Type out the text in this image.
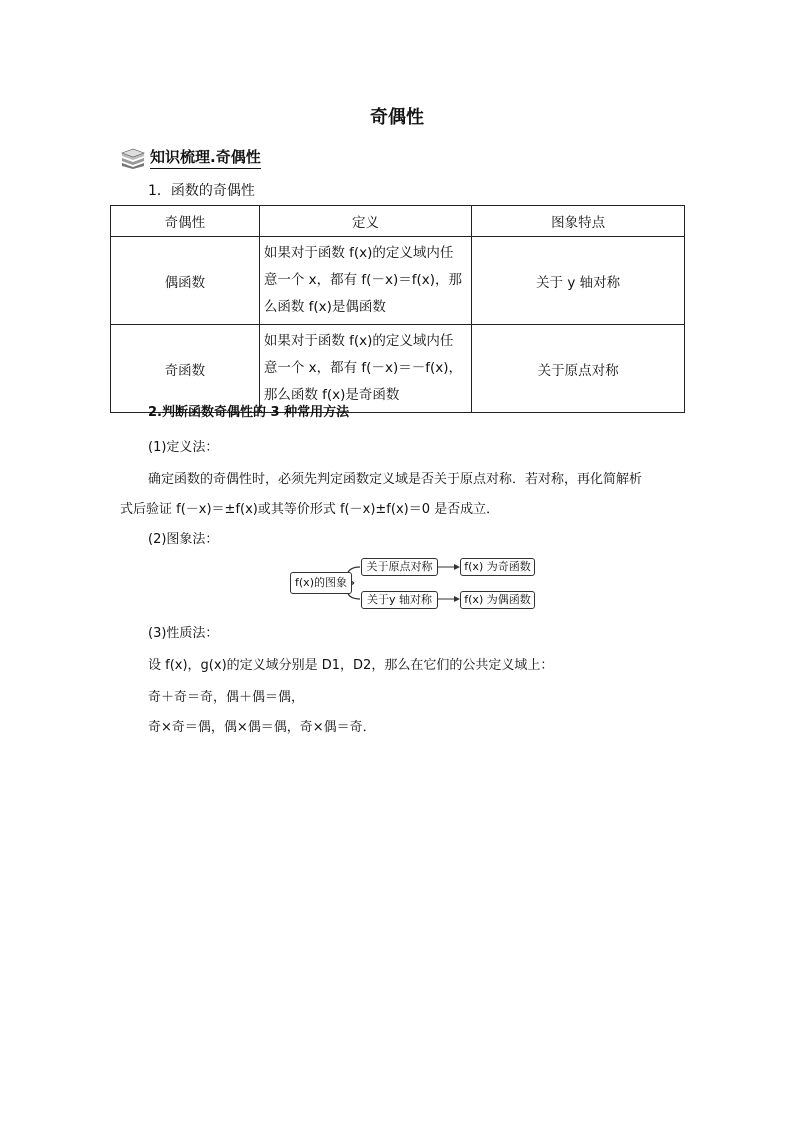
奇偶性
知识梳理.奇偶性
1．函数的奇偶性
奇偶性	定义	图象特点
偶函数	如果对于函数 f(x)的定义域内任
意一个 x，都有 f(－x)＝f(x)，那
么函数 f(x)是偶函数	关于 y 轴对称
奇函数	如果对于函数 f(x)的定义域内任
意一个 x，都有 f(－x)＝－f(x)，
那么函数 f(x)是奇函数	关于原点对称
2.判断函数奇偶性的 3 种常用方法
(1)定义法：
确定函数的奇偶性时，必须先判定函数定义域是否关于原点对称．若对称，再化简解析
式后验证 f(－x)＝±f(x)或其等价形式 f(－x)±f(x)＝0 是否成立．
(2)图象法：
f(x)的图象
关于原点对称
关于y 轴对称
f(x) 为奇函数
f(x) 为偶函数
(3)性质法：
设 f(x)，g(x)的定义域分别是 D1，D2，那么在它们的公共定义域上：
奇＋奇＝奇，偶＋偶＝偶，
奇×奇＝偶，偶×偶＝偶，奇×偶＝奇．
